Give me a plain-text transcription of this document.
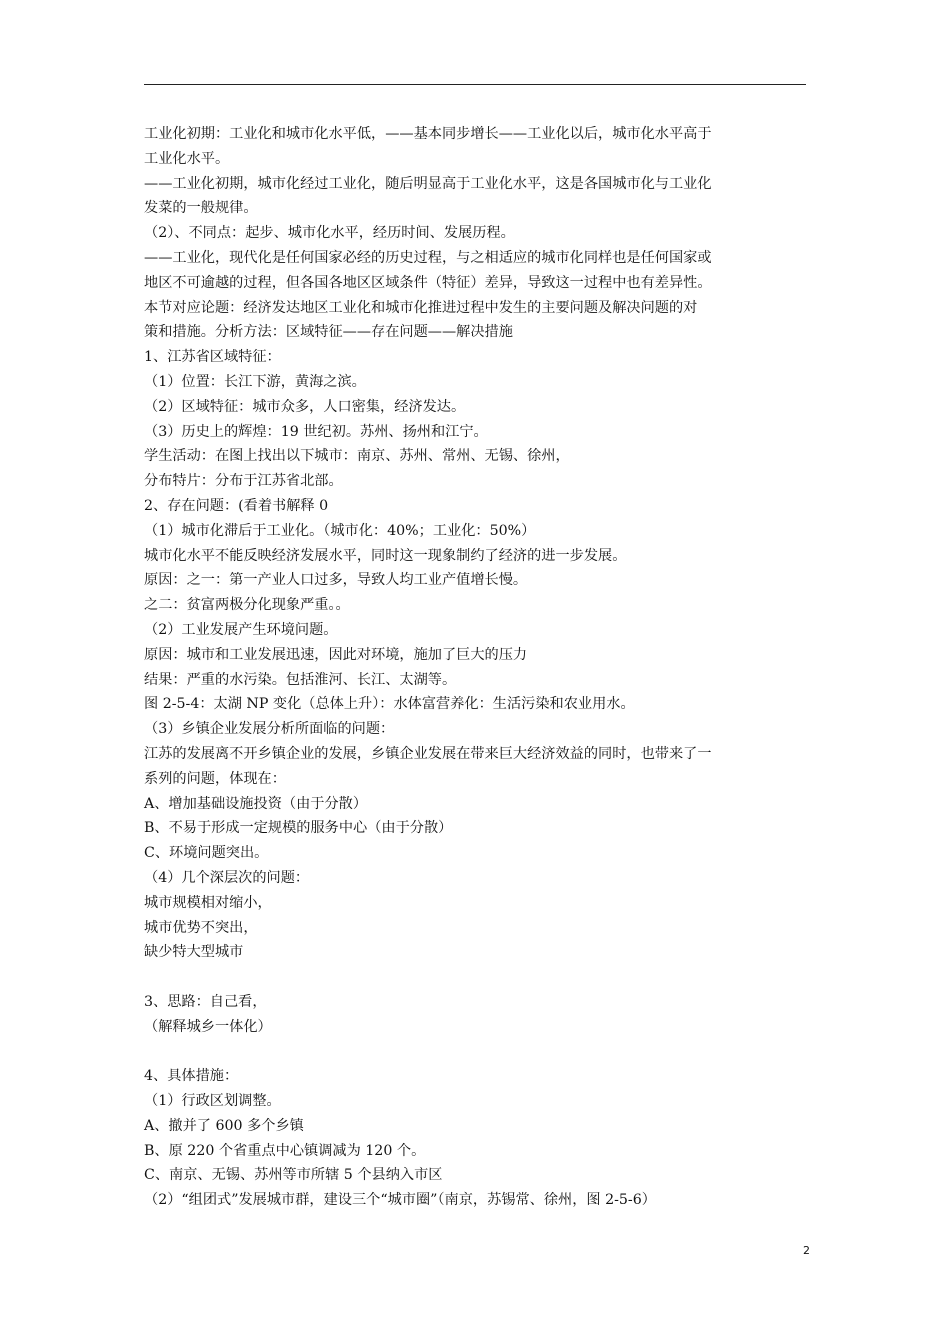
工业化初期：工业化和城市化水平低，——基本同步增长——工业化以后，城市化水平高于
工业化水平。
——工业化初期，城市化经过工业化，随后明显高于工业化水平，这是各国城市化与工业化
发菜的一般规律。
（2）、不同点：起步、城市化水平，经历时间、发展历程。
——工业化，现代化是任何国家必经的历史过程，与之相适应的城市化同样也是任何国家或
地区不可逾越的过程，但各国各地区区域条件（特征）差异，导致这一过程中也有差异性。
本节对应论题：经济发达地区工业化和城市化推进过程中发生的主要问题及解决问题的对
策和措施。分析方法：区域特征——存在问题——解决措施
1、江苏省区域特征：
（1）位置：长江下游，黄海之滨。
（2）区域特征：城市众多，人口密集，经济发达。
（3）历史上的辉煌：19 世纪初。苏州、扬州和江宁。
学生活动：在图上找出以下城市：南京、苏州、常州、无锡、徐州，
分布特片：分布于江苏省北部。
2、存在问题：(看着书解释 0
（1）城市化滞后于工业化。（城市化：40%；工业化：50%）
城市化水平不能反映经济发展水平，同时这一现象制约了经济的进一步发展。
原因：之一：第一产业人口过多，导致人均工业产值增长慢。
之二：贫富两极分化现象严重。。
（2）工业发展产生环境问题。
原因：城市和工业发展迅速，因此对环境，施加了巨大的压力
结果：严重的水污染。包括淮河、长江、太湖等。
图 2-5-4：太湖 NP 变化（总体上升）：水体富营养化：生活污染和农业用水。
（3）乡镇企业发展分析所面临的问题：
江苏的发展离不开乡镇企业的发展，乡镇企业发展在带来巨大经济效益的同时，也带来了一
系列的问题，体现在：
A、增加基础设施投资（由于分散）
B、不易于形成一定规模的服务中心（由于分散）
C、环境问题突出。
（4）几个深层次的问题：
城市规模相对缩小，
城市优势不突出，
缺少特大型城市
3、思路：自己看，
（解释城乡一体化）
4、具体措施：
（1）行政区划调整。
A、撤并了 600 多个乡镇
B、原 220 个省重点中心镇调减为 120 个。
C、南京、无锡、苏州等市所辖 5 个县纳入市区
（2）“组团式”发展城市群，建设三个“城市圈”（南京，苏锡常、徐州，图 2-5-6）
2
